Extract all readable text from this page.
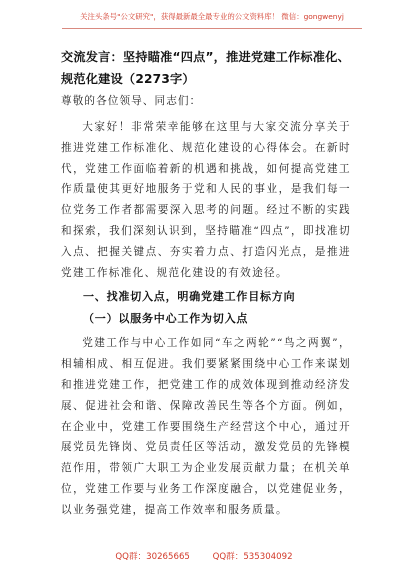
关注头条号"公文研究"，获得最新最全最专业的公文资料库！ 微信：gongwenyj

交流发言：坚持瞄准“四点”，推进党建工作标准化、规范化建设（2273字）

尊敬的各位领导、同志们：

大家好！非常荣幸能够在这里与大家交流分享关于推进党建工作标准化、规范化建设的心得体会。在新时代，党建工作面临着新的机遇和挑战，如何提高党建工作质量使其更好地服务于党和人民的事业，是我们每一位党务工作者都需要深入思考的问题。经过不断的实践和探索，我们深刻认识到，坚持瞄准“四点”，即找准切入点、把握关键点、夯实着力点、打造闪光点，是推进党建工作标准化、规范化建设的有效途径。

一、找准切入点，明确党建工作目标方向

（一）以服务中心工作为切入点

党建工作与中心工作如同“车之两轮”“鸟之两翼”，相辅相成、相互促进。我们要紧紧围绕中心工作来谋划和推进党建工作，把党建工作的成效体现到推动经济发展、促进社会和谐、保障改善民生等各个方面。例如，在企业中，党建工作要围绕生产经营这个中心，通过开展党员先锋岗、党员责任区等活动，激发党员的先锋模范作用，带领广大职工为企业发展贡献力量；在机关单位，党建工作要与业务工作深度融合，以党建促业务，以业务强党建，提高工作效率和服务质量。

QQ群：30265665	QQ群：535304092
